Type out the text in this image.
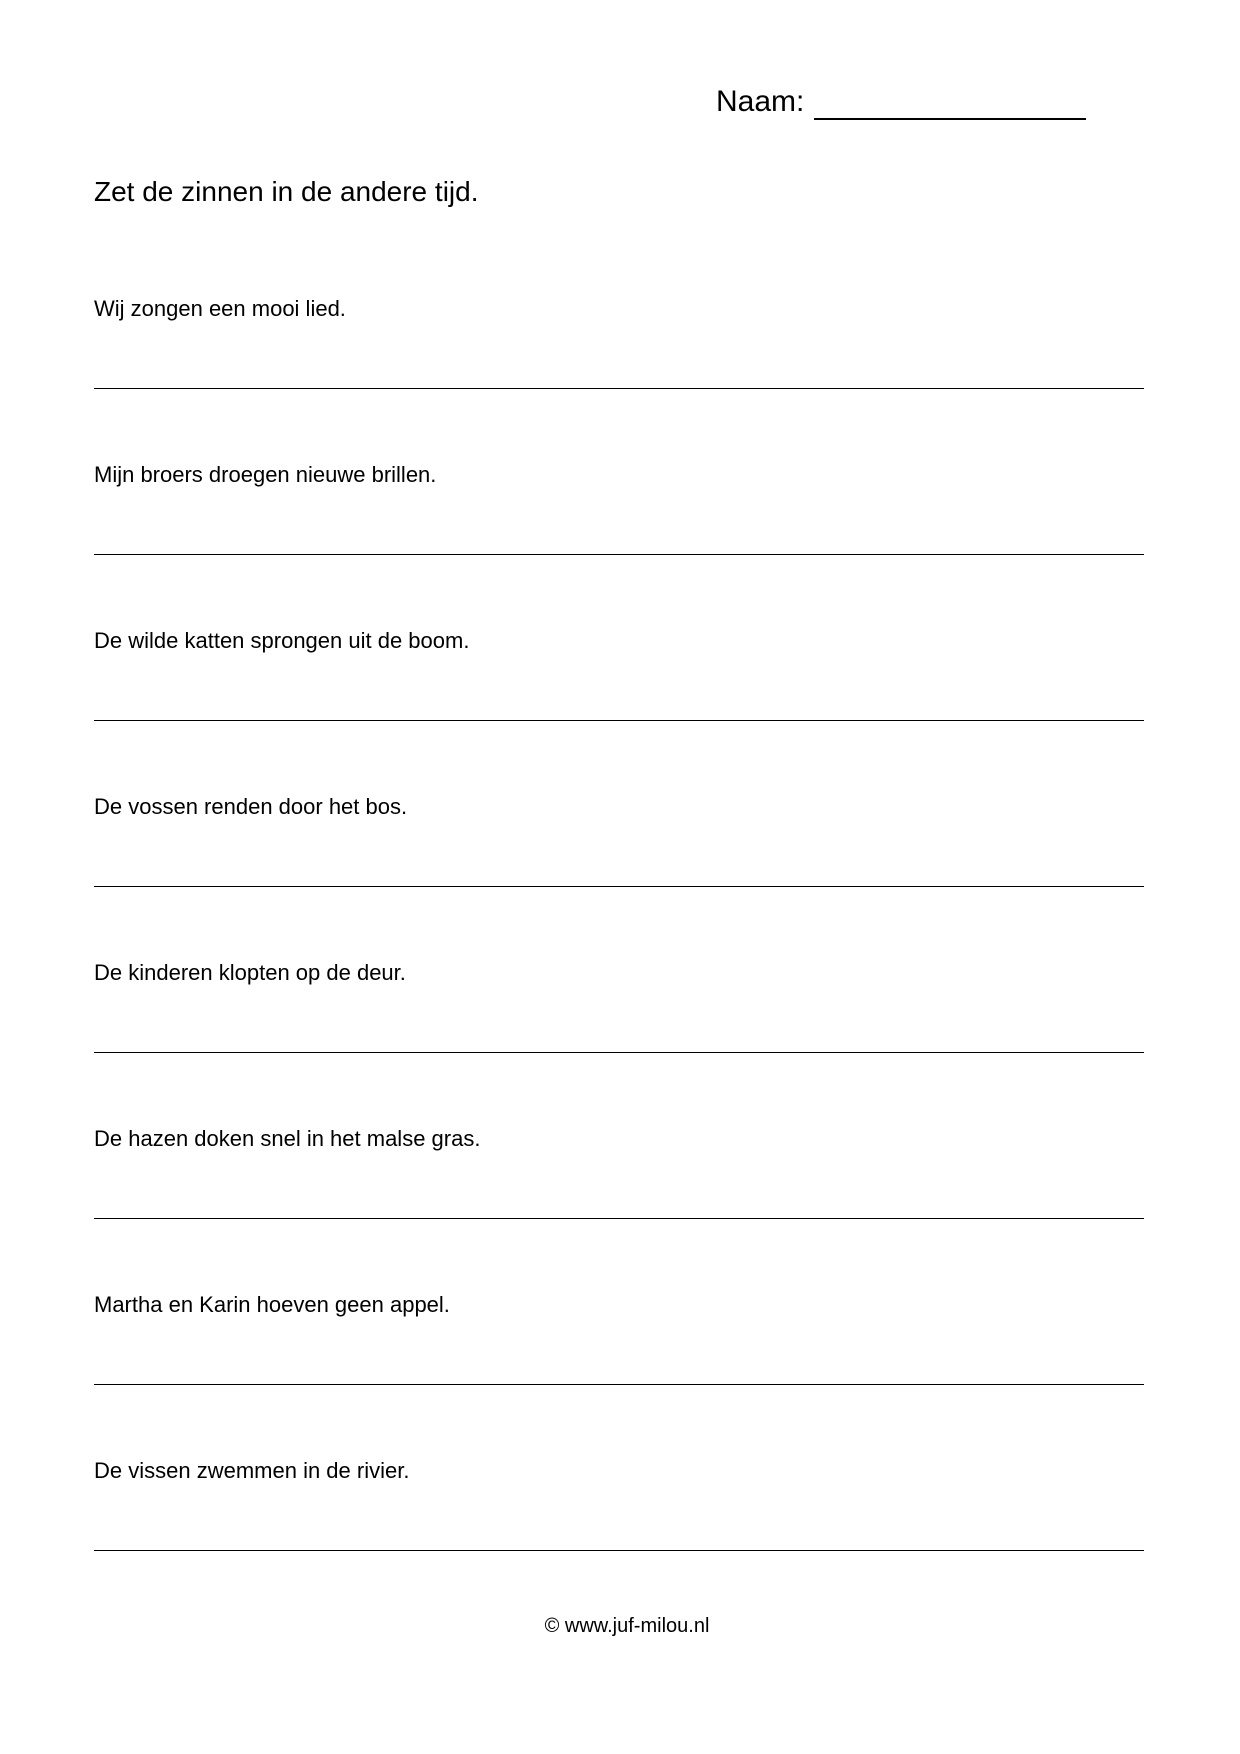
Naam:
Zet de zinnen in de andere tijd.
Wij zongen een mooi lied.
Mijn broers droegen nieuwe brillen.
De wilde katten sprongen uit de boom.
De vossen renden door het bos.
De kinderen klopten op de deur.
De hazen doken snel in het malse gras.
Martha en Karin hoeven geen appel.
De vissen zwemmen in de rivier.
© www.juf-milou.nl
